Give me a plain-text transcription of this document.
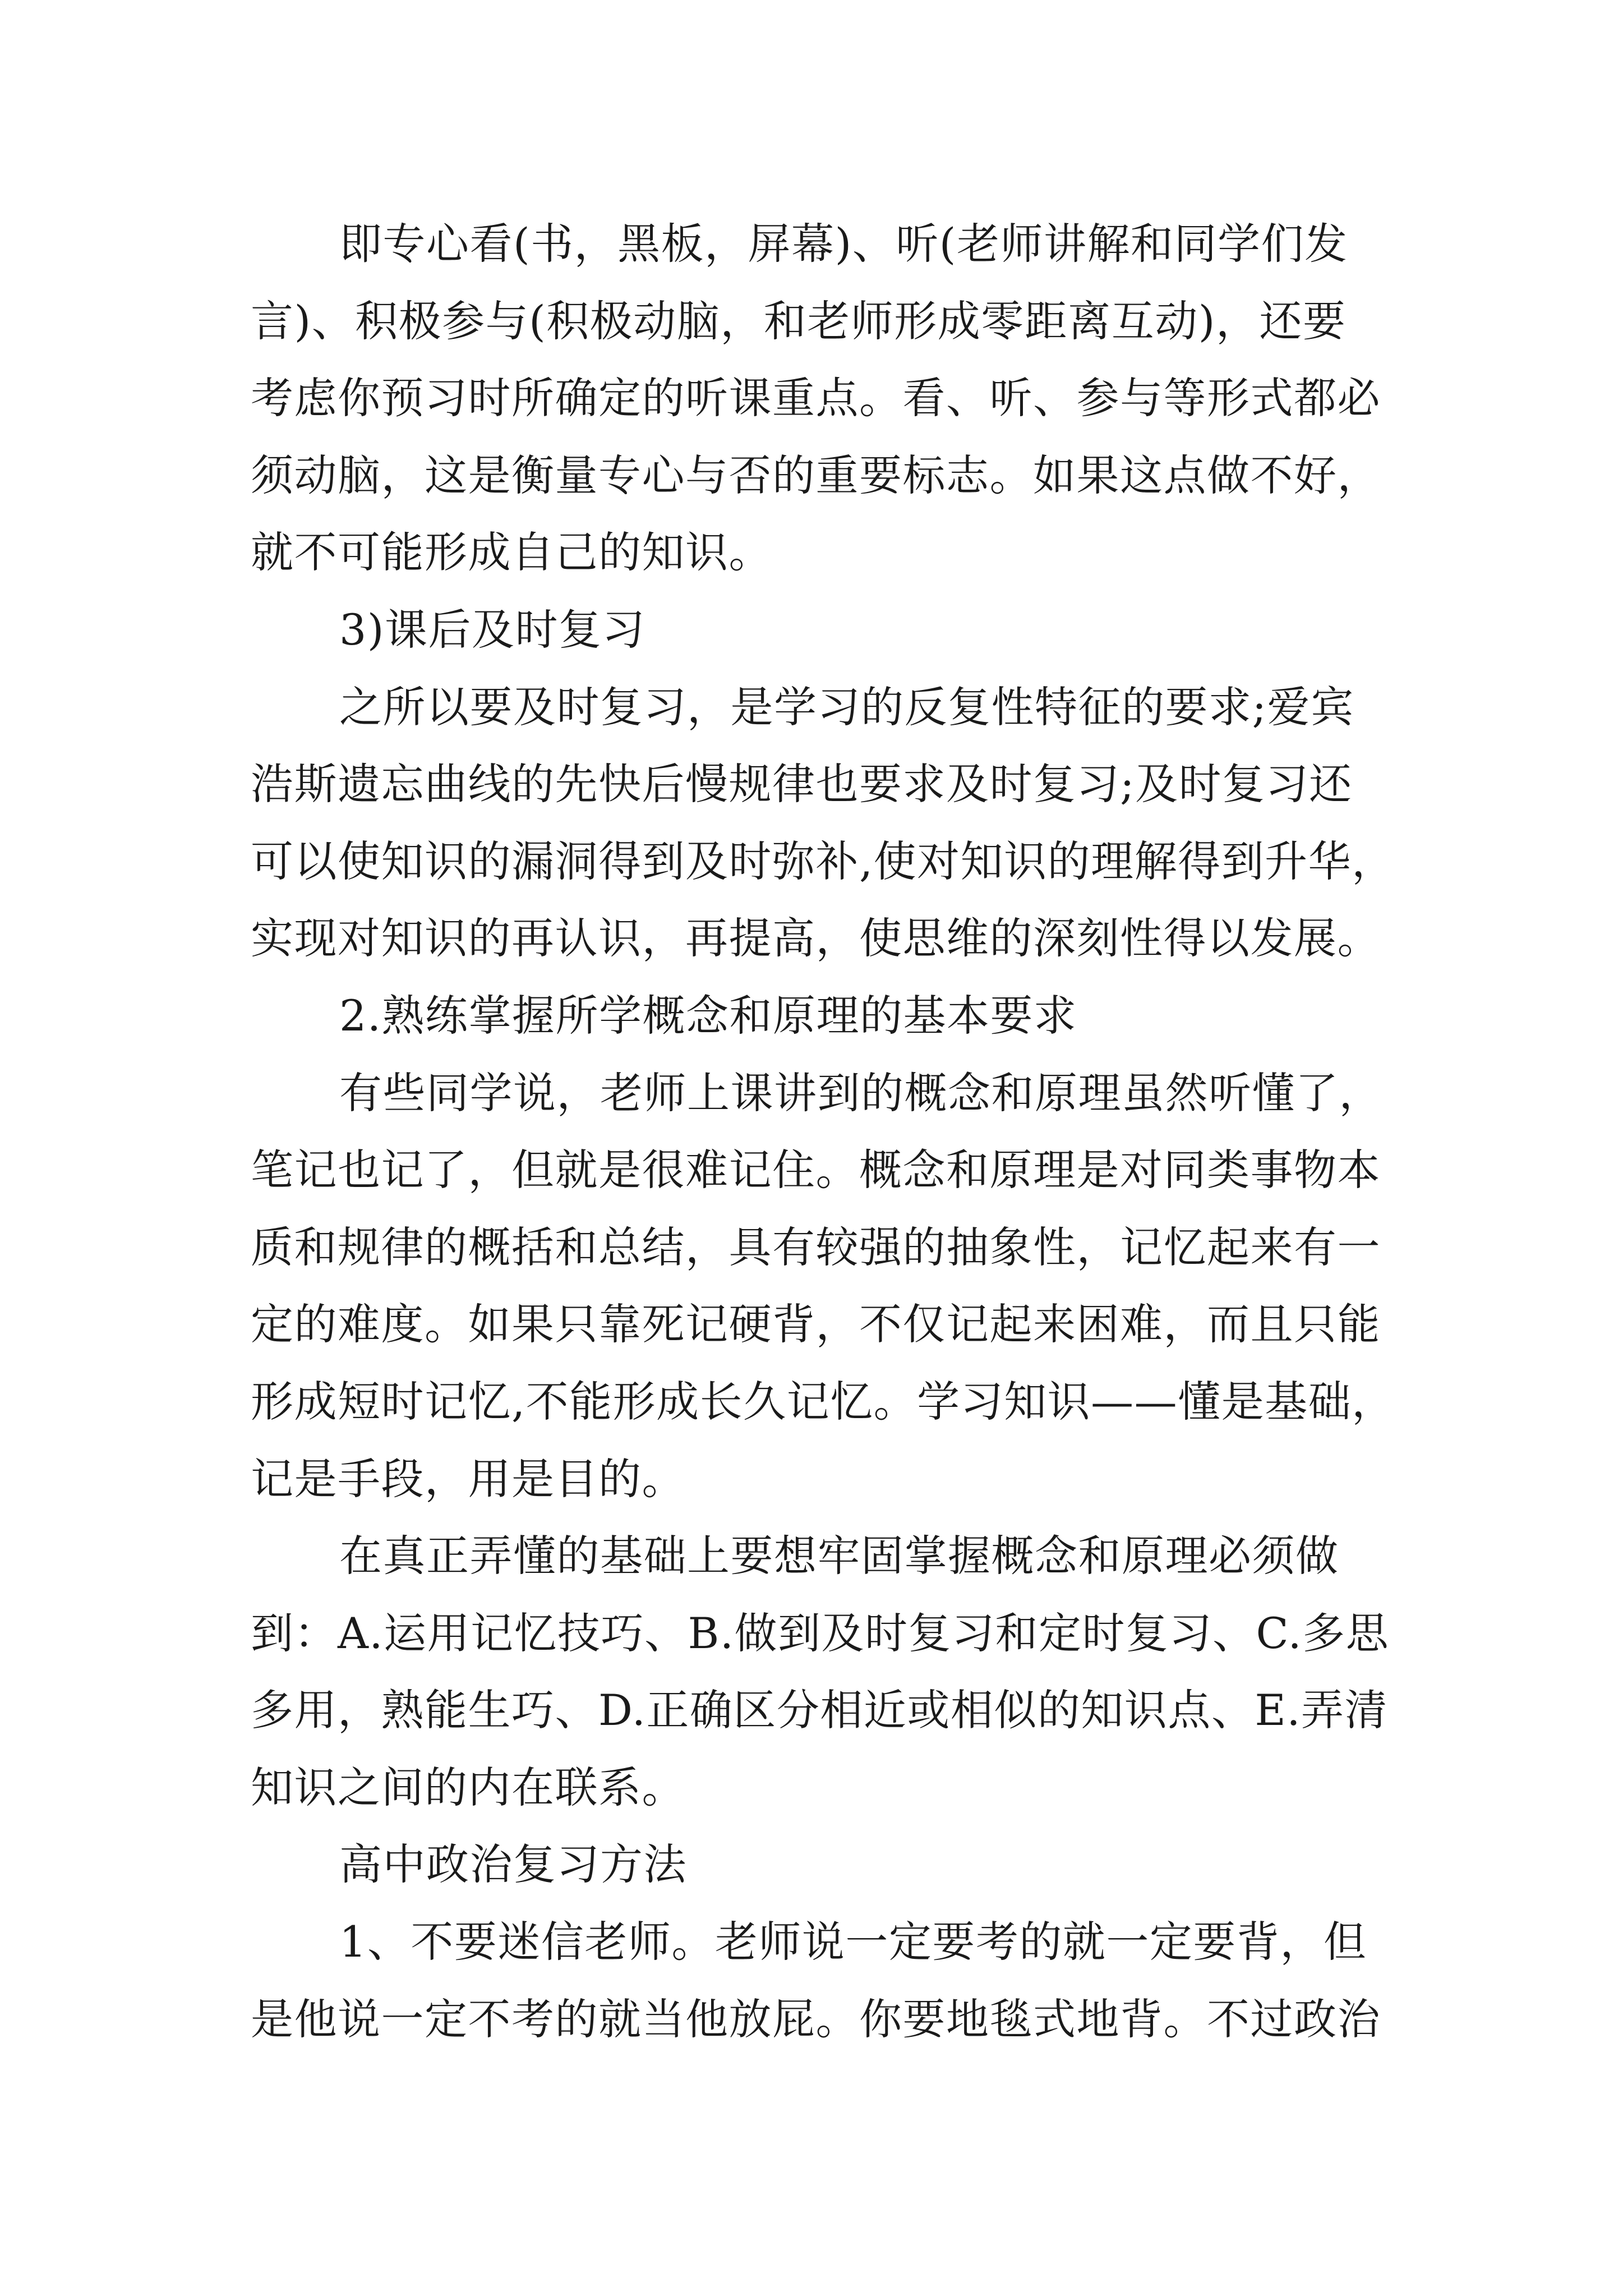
即专心看(书，黑板，屏幕)、听(老师讲解和同学们发
言)、积极参与(积极动脑，和老师形成零距离互动)，还要
考虑你预习时所确定的听课重点。看、听、参与等形式都必
须动脑，这是衡量专心与否的重要标志。如果这点做不好，
就不可能形成自己的知识。
3)课后及时复习
之所以要及时复习，是学习的反复性特征的要求;爱宾
浩斯遗忘曲线的先快后慢规律也要求及时复习;及时复习还
可以使知识的漏洞得到及时弥补,使对知识的理解得到升华，
实现对知识的再认识，再提高，使思维的深刻性得以发展。
2.熟练掌握所学概念和原理的基本要求
有些同学说，老师上课讲到的概念和原理虽然听懂了，
笔记也记了，但就是很难记住。概念和原理是对同类事物本
质和规律的概括和总结，具有较强的抽象性，记忆起来有一
定的难度。如果只靠死记硬背，不仅记起来困难，而且只能
形成短时记忆,不能形成长久记忆。学习知识——懂是基础，
记是手段，用是目的。
在真正弄懂的基础上要想牢固掌握概念和原理必须做
到：A.运用记忆技巧、B.做到及时复习和定时复习、C.多思
多用，熟能生巧、D.正确区分相近或相似的知识点、E.弄清
知识之间的内在联系。
高中政治复习方法
1、不要迷信老师。老师说一定要考的就一定要背，但
是他说一定不考的就当他放屁。你要地毯式地背。不过政治
